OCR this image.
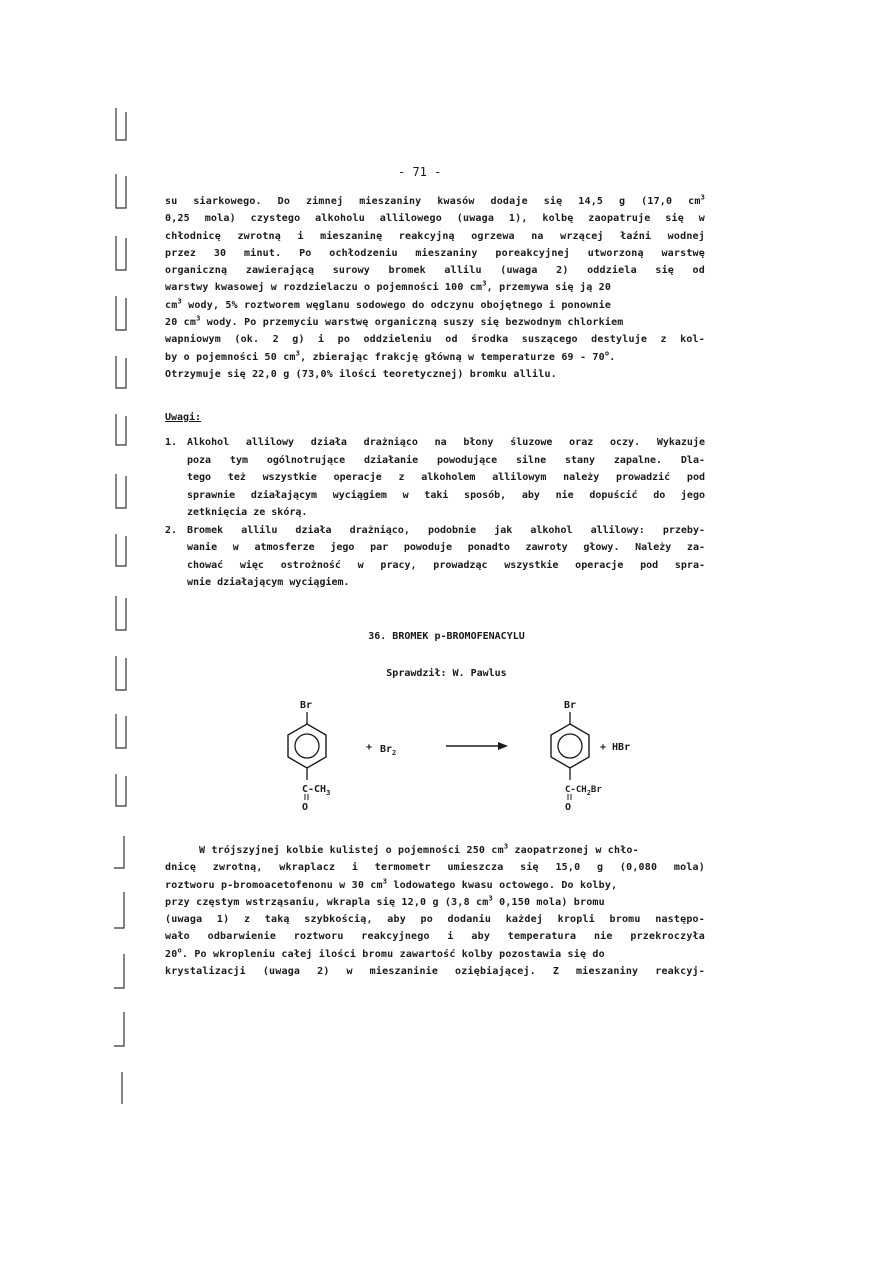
- 71 -
su siarkowego. Do zimnej mieszaniny kwasów dodaje się 14,5 g (17,0 $cm^3$
0,25 mola) czystego alkoholu allilowego (uwaga 1), kolbę zaopatruje się w
chłodnicę zwrotną i mieszaninę reakcyjną ogrzewa na wrzącej łaźni wodnej
przez 30 minut. Po ochłodzeniu mieszaniny poreakcyjnej utworzoną warstwę
organiczną zawierającą surowy bromek allilu (uwaga 2) oddziela się od
warstwy kwasowej w rozdzielaczu o pojemności 100 $cm^3$, przemywa się ją 20
$cm^3$ wody, 5% roztworem węglanu sodowego do odczynu obojętnego i ponownie
20 $cm^3$ wody. Po przemyciu warstwę organiczną suszy się bezwodnym chlorkiem
wapniowym (ok. 2 g) i po oddzieleniu od środka suszącego destyluje z kol-
by o pojemności 50 $cm^3$, zbierając frakcję główną w temperaturze 69 - 70$^o$.
Otrzymuje się 22,0 g (73,0% ilości teoretycznej) bromku allilu.
Uwagi:
1. Alkohol allilowy działa drażniąco na błony śluzowe oraz oczy. Wykazuje
poza tym ogólnotrujące działanie powodujące silne stany zapalne. Dla-
tego też wszystkie operacje z alkoholem allilowym należy prowadzić pod
sprawnie działającym wyciągiem w taki sposób, aby nie dopuścić do jego
zetknięcia ze skórą.
2. Bromek allilu działa drażniąco, podobnie jak alkohol allilowy: przeby-
wanie w atmosferze jego par powoduje ponadto zawroty głowy. Należy za-
chować więc ostrożność w pracy, prowadząc wszystkie operacje pod spra-
wnie działającym wyciągiem.
36. BROMEK p-BROMOFENACYLU
Sprawdził: W. Pawlus
Br
$C-CH_3$
O
+ $Br_2$
Br
+ HBr
$C-CH_2Br$
O
W trójszyjnej kolbie kulistej o pojemności 250 $cm^3$ zaopatrzonej w chło-
dnicę zwrotną, wkraplacz i termometr umieszcza się 15,0 g (0,080 mola)
roztworu p-bromoacetofenonu w 30 $cm^3$ lodowatego kwasu octowego. Do kolby,
przy częstym wstrząsaniu, wkrapla się 12,0 g (3,8 $cm^3$ 0,150 mola) bromu
(uwaga 1) z taką szybkością, aby po dodaniu każdej kropli bromu następo-
wało odbarwienie roztworu reakcyjnego i aby temperatura nie przekroczyła
20$^o$. Po wkropleniu całej ilości bromu zawartość kolby pozostawia się do
krystalizacji (uwaga 2) w mieszaninie oziębiającej. Z mieszaniny reakcyj-
